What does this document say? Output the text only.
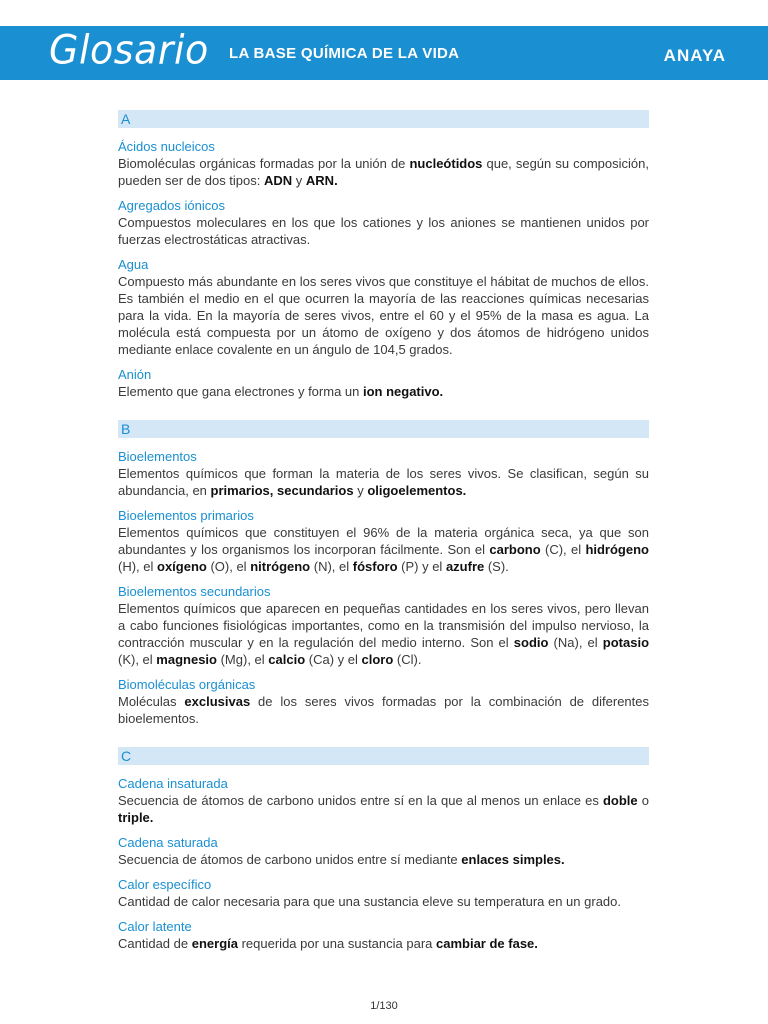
Glosario LA BASE QUÍMICA DE LA VIDA	ANAYA
A

Ácidos nucleicos

Biomoléculas orgánicas formadas por la unión de nucleótidos que, según su composición, pueden ser de dos tipos: ADN y ARN.

Agregados iónicos

Compuestos moleculares en los que los cationes y los aniones se mantienen unidos por fuerzas electrostáticas atractivas.

Agua

Compuesto más abundante en los seres vivos que constituye el hábitat de muchos de ellos. Es también el medio en el que ocurren la mayoría de las reacciones químicas necesarias para la vida. En la mayoría de seres vivos, entre el 60 y el 95% de la masa es agua. La molécula está compuesta por un átomo de oxígeno y dos átomos de hidrógeno unidos mediante enlace covalente en un ángulo de 104,5 grados.

Anión

Elemento que gana electrones y forma un ion negativo.

B

Bioelementos

Elementos químicos que forman la materia de los seres vivos. Se clasifican, según su abundancia, en primarios, secundarios y oligoelementos.

Bioelementos primarios

Elementos químicos que constituyen el 96% de la materia orgánica seca, ya que son abundantes y los organismos los incorporan fácilmente. Son el carbono (C), el hidrógeno (H), el oxígeno (O), el nitrógeno (N), el fósforo (P) y el azufre (S).

Bioelementos secundarios

Elementos químicos que aparecen en pequeñas cantidades en los seres vivos, pero llevan a cabo funciones fisiológicas importantes, como en la transmisión del impulso nervioso, la contracción muscular y en la regulación del medio interno. Son el sodio (Na), el potasio (K), el magnesio (Mg), el calcio (Ca) y el cloro (Cl).

Biomoléculas orgánicas

Moléculas exclusivas de los seres vivos formadas por la combinación de diferentes bioelementos.

C

Cadena insaturada

Secuencia de átomos de carbono unidos entre sí en la que al menos un enlace es doble o triple.

Cadena saturada

Secuencia de átomos de carbono unidos entre sí mediante enlaces simples.

Calor específico

Cantidad de calor necesaria para que una sustancia eleve su temperatura en un grado.

Calor latente

Cantidad de energía requerida por una sustancia para cambiar de fase.

1/130
